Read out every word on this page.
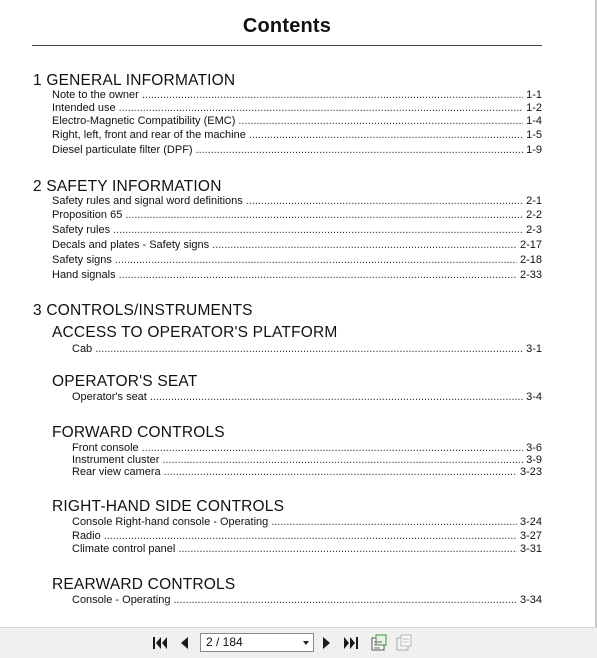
Contents
1 GENERAL INFORMATION
Note to the owner . . .	1-1
Intended use . . .	1-2
Electro-Magnetic Compatibility (EMC) . . .	1-4
Right, left, front and rear of the machine . . .	1-5
Diesel particulate filter (DPF) . . .	1-9
2 SAFETY INFORMATION
Safety rules and signal word definitions . . .	2-1
Proposition 65 . . .	2-2
Safety rules . . .	2-3
Decals and plates - Safety signs . . .	2-17
Safety signs . . .	2-18
Hand signals . . .	2-33
3 CONTROLS/INSTRUMENTS
ACCESS TO OPERATOR'S PLATFORM
Cab . . .	3-1
OPERATOR'S SEAT
Operator's seat . . .	3-4
FORWARD CONTROLS
Front console . . .	3-6
Instrument cluster . . .	3-9
Rear view camera . . .	3-23
RIGHT-HAND SIDE CONTROLS
Console Right-hand console - Operating . . .	3-24
Radio . . .	3-27
Climate control panel . . .	3-31
REARWARD CONTROLS
Console - Operating . . .	3-34
2 / 184
